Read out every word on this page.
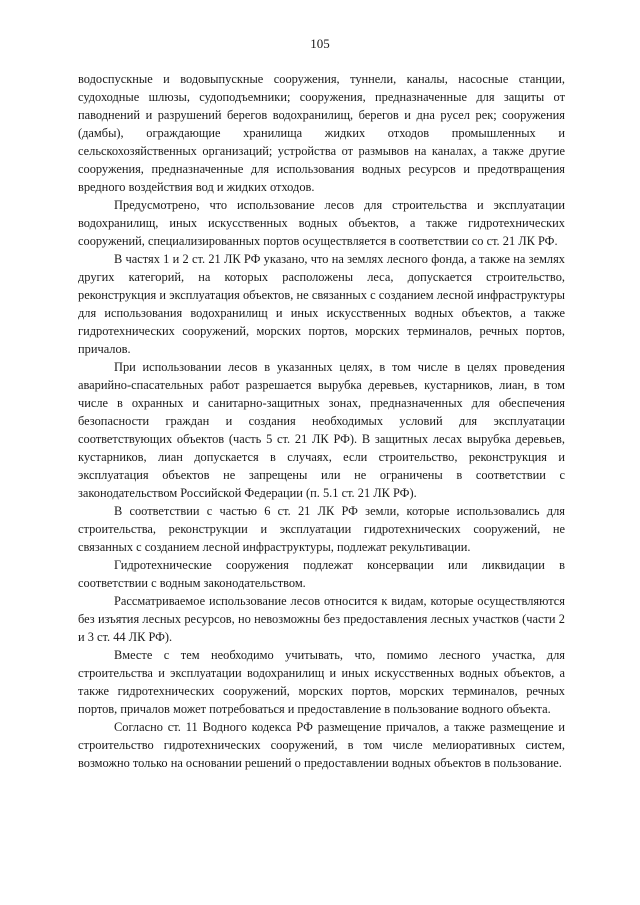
105

водоспускные и водовыпускные сооружения, туннели, каналы, насосные станции, судоходные шлюзы, судоподъемники; сооружения, предназначенные для защиты от паводнений и разрушений берегов водохранилищ, берегов и дна русел рек; сооружения (дамбы), ограждающие хранилища жидких отходов промышленных и сельскохозяйственных организаций; устройства от размывов на каналах, а также другие сооружения, предназначенные для использования водных ресурсов и предотвращения вредного воздействия вод и жидких отходов.

Предусмотрено, что использование лесов для строительства и эксплуатации водохранилищ, иных искусственных водных объектов, а также гидротехнических сооружений, специализированных портов осуществляется в соответствии со ст. 21 ЛК РФ.

В частях 1 и 2 ст. 21 ЛК РФ указано, что на землях лесного фонда, а также на землях других категорий, на которых расположены леса, допускается строительство, реконструкция и эксплуатация объектов, не связанных с созданием лесной инфраструктуры для использования водохранилищ и иных искусственных водных объектов, а также гидротехнических сооружений, морских портов, морских терминалов, речных портов, причалов.

При использовании лесов в указанных целях, в том числе в целях проведения аварийно-спасательных работ разрешается вырубка деревьев, кустарников, лиан, в том числе в охранных и санитарно-защитных зонах, предназначенных для обеспечения безопасности граждан и создания необходимых условий для эксплуатации соответствующих объектов (часть 5 ст. 21 ЛК РФ). В защитных лесах вырубка деревьев, кустарников, лиан допускается в случаях, если строительство, реконструкция и эксплуатация объектов не запрещены или не ограничены в соответствии с законодательством Российской Федерации (п. 5.1 ст. 21 ЛК РФ).

В соответствии с частью 6 ст. 21 ЛК РФ земли, которые использовались для строительства, реконструкции и эксплуатации гидротехнических сооружений, не связанных с созданием лесной инфраструктуры, подлежат рекультивации.

Гидротехнические сооружения подлежат консервации или ликвидации в соответствии с водным законодательством.

Рассматриваемое использование лесов относится к видам, которые осуществляются без изъятия лесных ресурсов, но невозможны без предоставления лесных участков (части 2 и 3 ст. 44 ЛК РФ).

Вместе с тем необходимо учитывать, что, помимо лесного участка, для строительства и эксплуатации водохранилищ и иных искусственных водных объектов, а также гидротехнических сооружений, морских портов, морских терминалов, речных портов, причалов может потребоваться и предоставление в пользование водного объекта.

Согласно ст. 11 Водного кодекса РФ размещение причалов, а также размещение и строительство гидротехнических сооружений, в том числе мелиоративных систем, возможно только на основании решений о предоставлении водных объектов в пользование.
